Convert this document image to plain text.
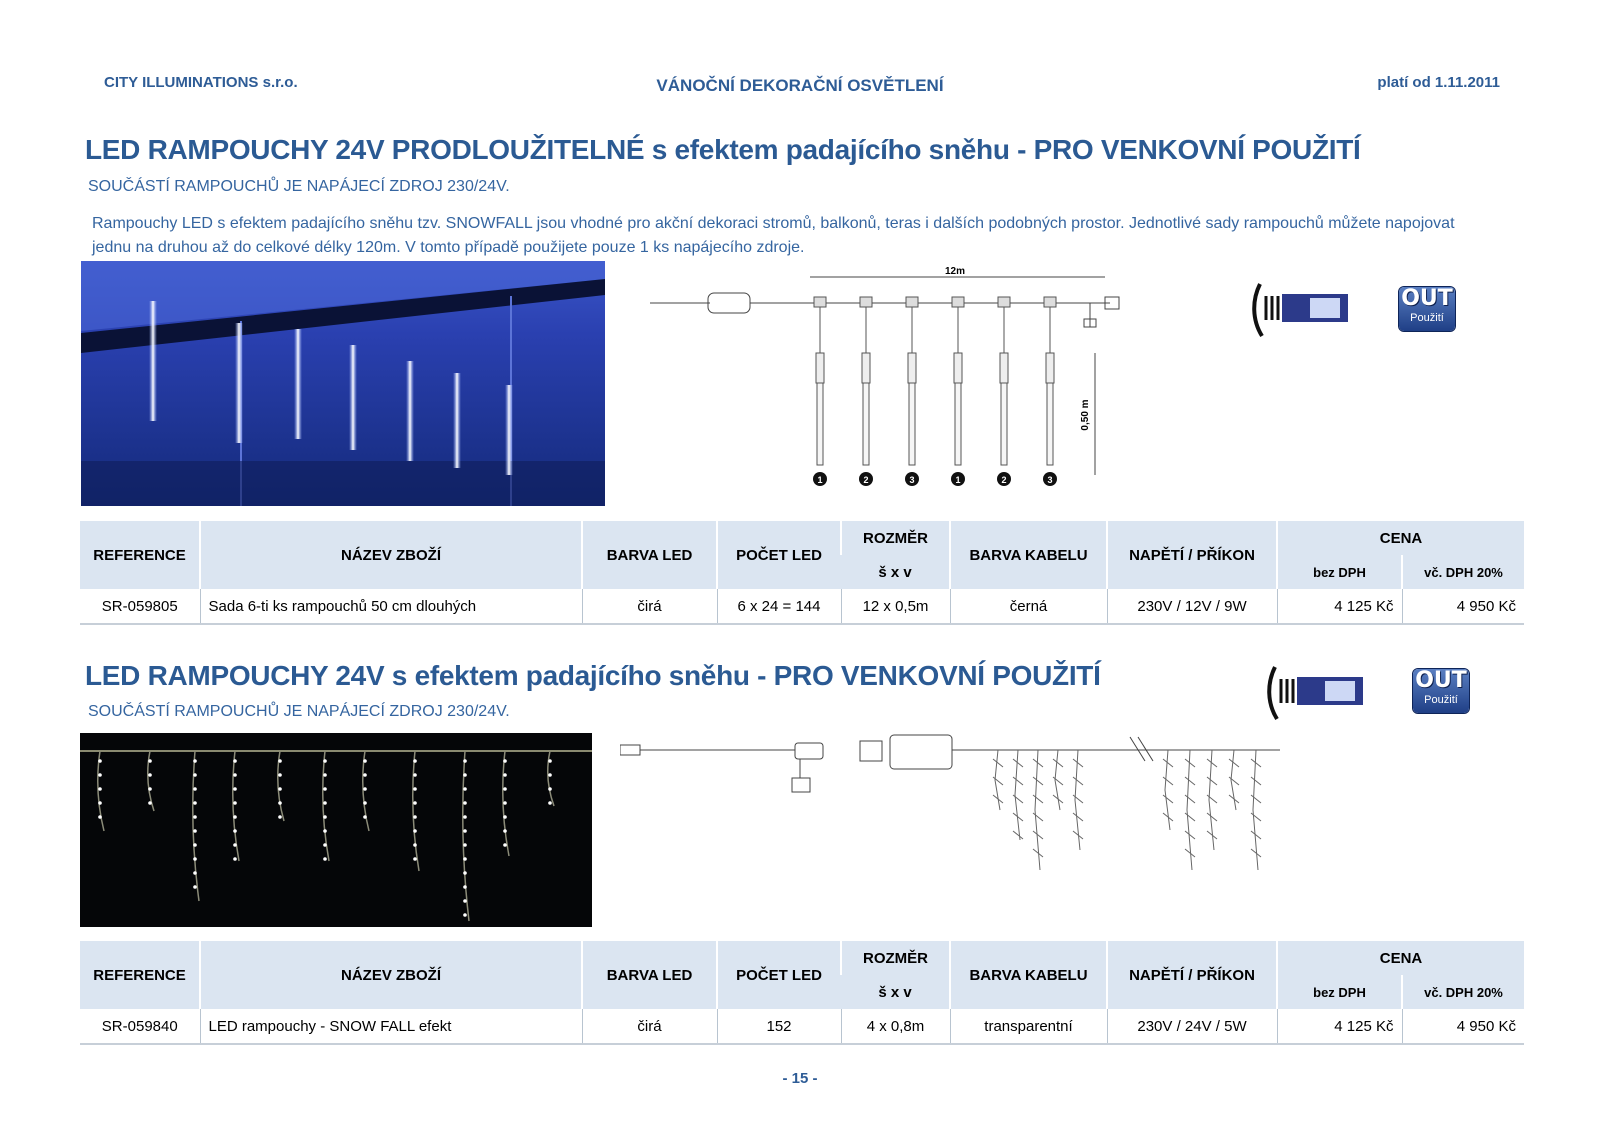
CITY ILLUMINATIONS s.r.o.	VÁNOČNÍ DEKORAČNÍ OSVĚTLENÍ	platí od 1.11.2011
LED RAMPOUCHY 24V PRODLOUŽITELNÉ s efektem padajícího sněhu - PRO VENKOVNÍ POUŽITÍ
SOUČÁSTÍ RAMPOUCHŮ JE NAPÁJECÍ ZDROJ 230/24V.
Rampouchy LED s efektem padajícího sněhu tzv. SNOWFALL jsou vhodné pro akční dekoraci stromů, balkonů, teras i dalších podobných prostor. Jednotlivé sady rampouchů můžete napojovat jednu na druhou až do celkové délky 120m. V tomto případě použijete pouze 1 ks napájecího zdroje.
12m
0,50 m
1	2	3	1	2	3
OUT
Použití
REFERENCE	NÁZEV ZBOŽÍ	BARVA LED	POČET LED	ROZMĚR	BARVA KABELU	NAPĚTÍ / PŘÍKON	CENA	
				š x v			bez DPH	vč. DPH 20%
SR-059805	Sada 6-ti ks rampouchů 50 cm dlouhých	čirá	6 x 24 = 144	12 x 0,5m	černá	230V / 12V / 9W	4 125 Kč	4 950 Kč
LED RAMPOUCHY 24V s efektem padajícího sněhu - PRO VENKOVNÍ POUŽITÍ
SOUČÁSTÍ RAMPOUCHŮ JE NAPÁJECÍ ZDROJ 230/24V.
OUT
Použití
REFERENCE	NÁZEV ZBOŽÍ	BARVA LED	POČET LED	ROZMĚR	BARVA KABELU	NAPĚTÍ / PŘÍKON	CENA	
				š x v			bez DPH	vč. DPH 20%
SR-059840	LED rampouchy - SNOW FALL efekt	čirá	152	4 x 0,8m	transparentní	230V / 24V / 5W	4 125 Kč	4 950 Kč
- 15 -
